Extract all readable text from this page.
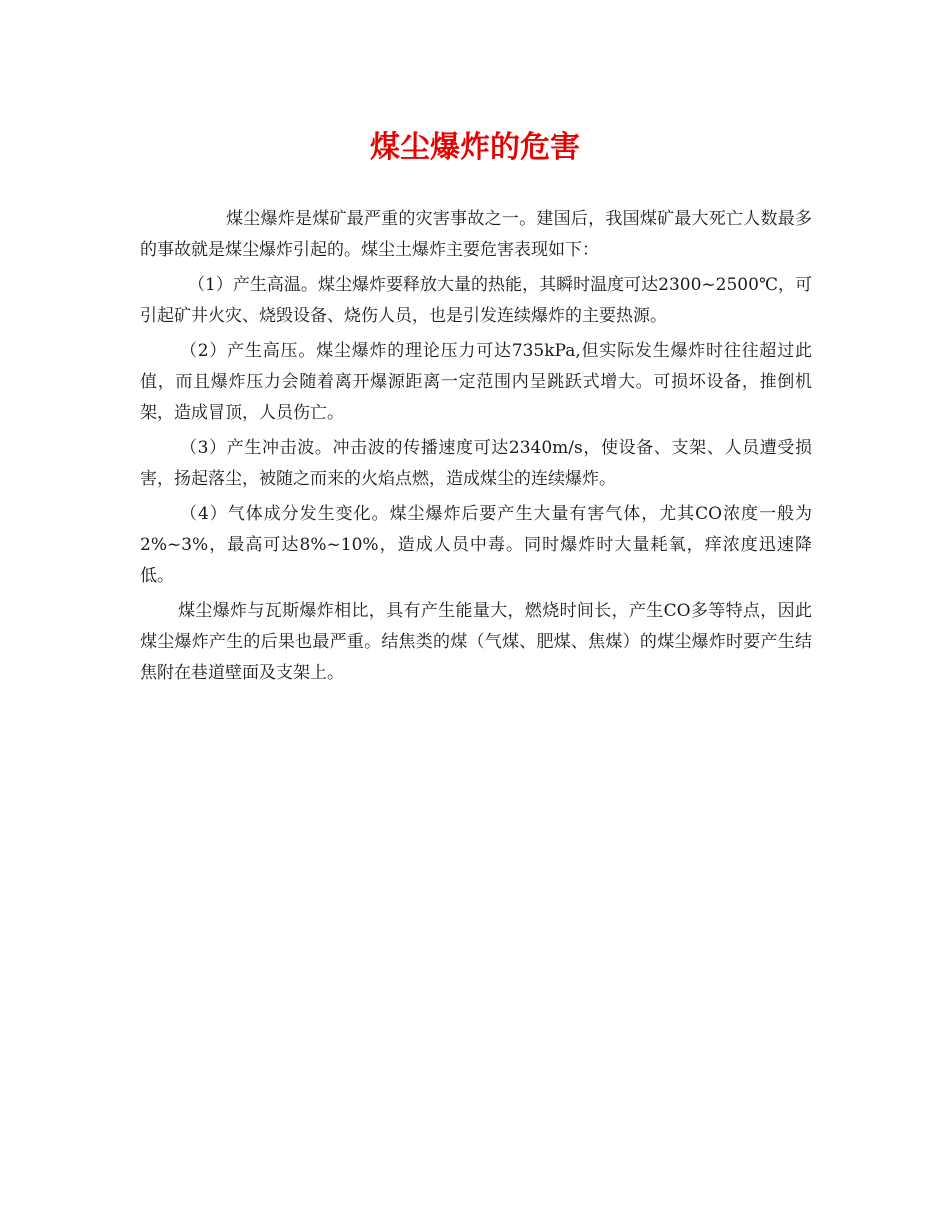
煤尘爆炸的危害

煤尘爆炸是煤矿最严重的灾害事故之一。建国后，我国煤矿最大死亡人数最多的事故就是煤尘爆炸引起的。煤尘土爆炸主要危害表现如下：

（1）产生高温。煤尘爆炸要释放大量的热能，其瞬时温度可达2300~2500℃，可引起矿井火灾、烧毁设备、烧伤人员，也是引发连续爆炸的主要热源。

（2）产生高压。煤尘爆炸的理论压力可达735kPa,但实际发生爆炸时往往超过此值，而且爆炸压力会随着离开爆源距离一定范围内呈跳跃式增大。可损坏设备，推倒机架，造成冒顶，人员伤亡。

（3）产生冲击波。冲击波的传播速度可达2340m/s，使设备、支架、人员遭受损害，扬起落尘，被随之而来的火焰点燃，造成煤尘的连续爆炸。

（4）气体成分发生变化。煤尘爆炸后要产生大量有害气体，尤其CO浓度一般为2%~3%，最高可达8%~10%，造成人员中毒。同时爆炸时大量耗氧，痒浓度迅速降低。

煤尘爆炸与瓦斯爆炸相比，具有产生能量大，燃烧时间长，产生CO多等特点，因此煤尘爆炸产生的后果也最严重。结焦类的煤（气煤、肥煤、焦煤）的煤尘爆炸时要产生结焦附在巷道壁面及支架上。
